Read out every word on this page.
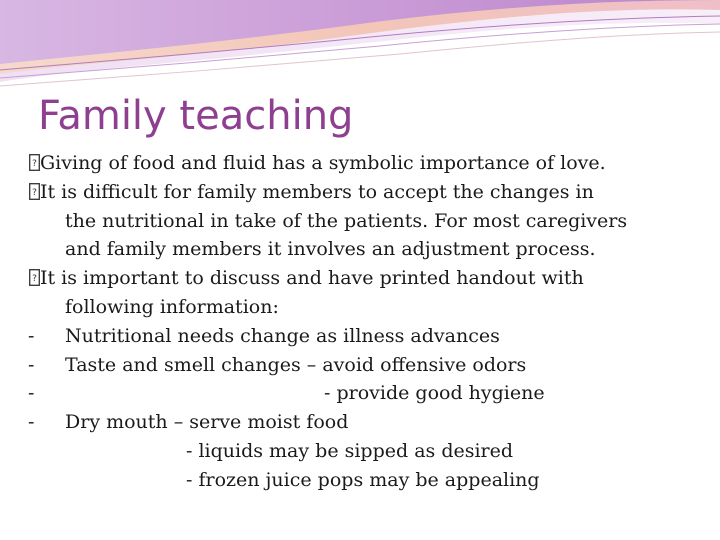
Family teaching
? Giving of food and fluid has a symbolic importance of love.
? It is difficult for family members to accept the changes in
the nutritional in take of the patients. For most caregivers
and family members it involves an adjustment process.
? It is important to discuss and have printed handout with
following information:
- Nutritional needs change as illness advances
- Taste and smell changes – avoid offensive odors
-	- provide good hygiene
- Dry mouth – serve moist food
- liquids may be sipped as desired
- frozen juice pops may be appealing
